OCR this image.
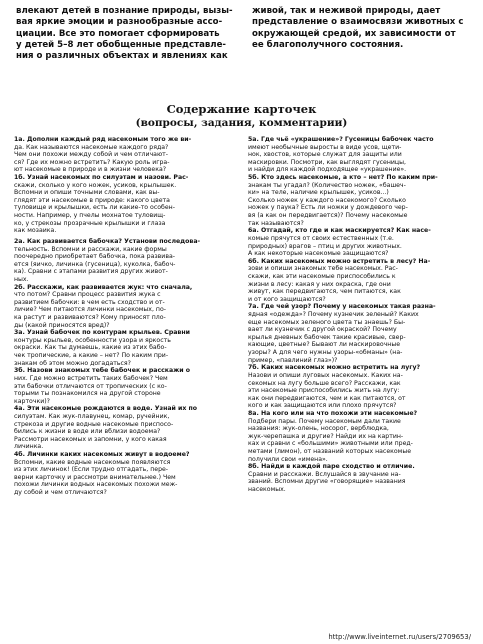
влекают детей в познание природы, вызы-
вая яркие эмоции и разнообразные ассо-
циации. Все это помогает сформировать
у детей 5–8 лет обобщенные представле-
ния о различных объектах и явлениях как
живой, так и неживой природы, дает
представление о взаимосвязи животных с
окружающей средой, их зависимости от
ее благополучного состояния.
Содержание карточек
(вопросы, задания, комментарии)
1а. Дополни каждый ряд насекомым того же ви-
да. Как называются насекомые каждого ряда?
Чем они похожи между собой и чем отличают-
ся? Где их можно встретить? Какую роль игра-
ют насекомые в природе и в жизни человека?
1б. Узнай насекомых по силуэтам и назови. Рас-
скажи, сколько у кого ножек, усиков, крылышек.
Вспомни и опиши точными словами, как вы-
глядят эти насекомые в природе: какого цвета
туловище и крылышки, есть ли какие-то особен-
ности. Например, у пчелы мохнатое туловищ-
ко, у стрекозы прозрачные крылышки и глаза
как мозаика.
2а. Как развивается бабочка? Установи последова-
тельность. Вспомни и расскажи, какие формы
поочередно приобретает бабочка, пока развива-
ется (яичко, личинка (гусеница), куколка, бабоч-
ка). Сравни с этапами развития других живот-
ных.
2б. Расскажи, как развивается жук: что сначала,
что потом? Сравни процесс развития жука с
развитием бабочки: в чем есть сходство и от-
личие? Чем питаются личинки насекомых, по-
ка растут и развиваются? Кому приносят пло-
ды (какой приносятся вред)?
3а. Узнай бабочек по контурам крыльев. Сравни
контуры крыльев, особенности узора и яркость
окраски. Как ты думаешь, какие из этих бабо-
чек тропические, а какие – нет? По каким при-
знакам об этом можно догадаться?
3б. Назови знакомых тебе бабочек и расскажи о
них. Где можно встретить таких бабочек? Чем
эти бабочки отличаются от тропических (с ко-
торыми ты познакомился на другой стороне
карточки)?
4а. Эти насекомые рождаются в воде. Узнай их по
силуэтам. Как жук-плавунец, комар, ручейник,
стрекоза и другие водные насекомые приспосо-
бились к жизни в воде или вблизи водоема?
Рассмотри насекомых и запомни, у кого какая
личинка.
4б. Личинки каких насекомых живут в водоеме?
Вспомни, какие водные насекомые появляются
из этих личинок! (Если трудно отгадать, пере-
верни карточку и рассмотри внимательнее.) Чем
похожи личинки водных насекомых похожи меж-
ду собой и чем отличаются?
5а. Где чьё «украшение»? Гусеницы бабочек часто
имеют необычные выросты в виде усов, щети-
нок, хвостов, которые служат для защиты или
маскировки. Посмотри, как выглядят гусеницы,
и найди для каждой подходящее «украшение».
5б. Кто здесь насекомые, а кто – нет? По каким при-
знакам ты угадал? (Количество ножек, «башеч-
ки» на теле, наличие крылышек, усиков...)
Сколько ножек у каждого насекомого? Сколько
ножек у паука? Есть ли ножки у дождевого чер-
вя (а как он передвигается)? Почему насекомые
так называются?
6а. Отгадай, кто где и как маскируется? Как насе-
комые прячутся от своих естественных (т.е.
природных) врагов – птиц и других животных.
А как некоторые насекомые защищаются?
6б. Каких насекомых можно встретить в лесу? На-
зови и опиши знакомых тебе насекомых. Рас-
скажи, как эти насекомые приспособились к
жизни в лесу: какая у них окраска, где они
живут, как передвигаются, чем питаются, как
и от кого защищаются?
7а. Где чей узор? Почему у насекомых такая разна-
ядная «одежда»? Почему кузнечик зеленый? Каких
еще насекомых зеленого цвета ты знаешь? Бы-
вает ли кузнечик с другой окраской? Почему
крылья дневных бабочек такие красивые, свер-
кающие, цветные? Бывают ли маскировочные
узоры? А для чего нужны узоры-«обманы» (на-
пример, «павлиний глаз»)?
7б. Каких насекомых можно встретить на лугу?
Назови и опиши луговых насекомых. Каких на-
секомых на лугу больше всего? Расскажи, как
эти насекомые приспособились жить на лугу:
как они передвигаются, чем и как питаются, от
кого и как защищаются или плохо прячутся?
8а. На кого или на что похожи эти насекомые?
Подбери пары. Почему насекомым дали такие
названия: жук-олень, носорог, верблюдка,
жук-черепашка и другие? Найди их на картин-
ках и сравни с «большими» животными или пред-
метами (лимон), от названий которых насекомые
получили свои «имена».
8б. Найди в каждой паре сходство и отличие.
Сравни и расскажи. Вслушайся в звучание на-
званий. Вспомни другие «говорящие» названия
насекомых.
http://www.liveinternet.ru/users/2709653/
